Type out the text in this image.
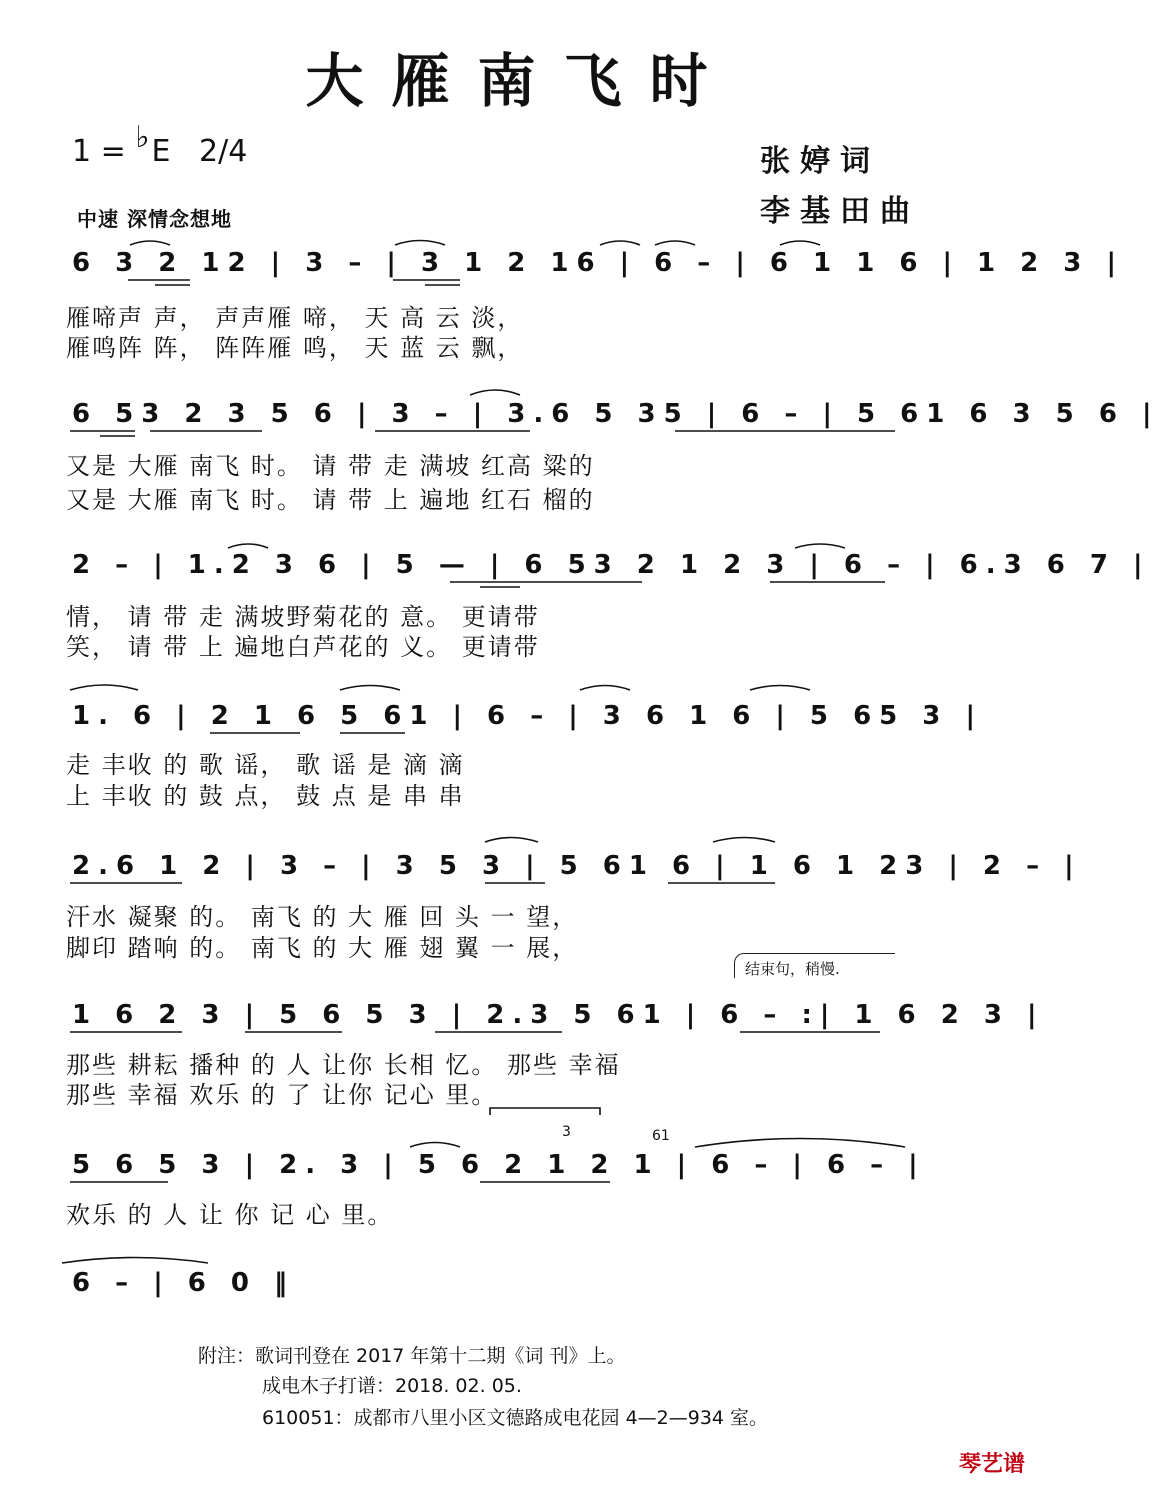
大雁南飞时
1 = ♭E 2/4
中速 深情念想地
张婷词
李基田曲
6 3 2 12 | 3 – | 3 1 2 16 | 6 – | 6 1 1 6 | 1 2 3 |
雁啼声 声， 声声雁 啼， 天 高 云 淡，
雁鸣阵 阵， 阵阵雁 鸣， 天 蓝 云 飘，
6 53 2 3 5 6 | 3 – | 3.6 5 35 | 6 – | 5 61 6 3 5 6 |
又是 大雁 南飞 时。 请 带 走 满坡 红高 粱的
又是 大雁 南飞 时。 请 带 上 遍地 红石 榴的
2 – | 1.2 3 6 | 5 — | 6 53 2 1 2 3 | 6 – | 6.3 6 7 |
情， 请 带 走 满坡野菊花的 意。 更请带
笑， 请 带 上 遍地白芦花的 义。 更请带
1. 6 | 2 1 6 5 61 | 6 – | 3 6 1 6 | 5 65 3 |
走 丰收 的 歌 谣， 歌 谣 是 滴 滴
上 丰收 的 鼓 点， 鼓 点 是 串 串
2.6 1 2 | 3 – | 3 5 3 | 5 61 6 | 1 6 1 23 | 2 – |
汗水 凝聚 的。 南飞 的 大 雁 回 头 一 望，
脚印 踏响 的。 南飞 的 大 雁 翅 翼 一 展，
结束句，稍慢.
1 6 2 3 | 5 6 5 3 | 2.3 5 61 | 6 – :| 1 6 2 3 |
那些 耕耘 播种 的 人 让你 长相 忆。 那些 幸福
那些 幸福 欢乐 的 了 让你 记心 里。
3	61
5 6 5 3 | 2. 3 | 5 6 2 1 2 1 | 6 – | 6 – |
欢乐 的 人 让 你 记 心 里。
6 – | 6 0 ‖
附注：歌词刊登在 2017 年第十二期《词 刊》上。
成电木子打谱：2018. 02. 05.
610051：成都市八里小区文德路成电花园 4—2—934 室。
琴艺谱
